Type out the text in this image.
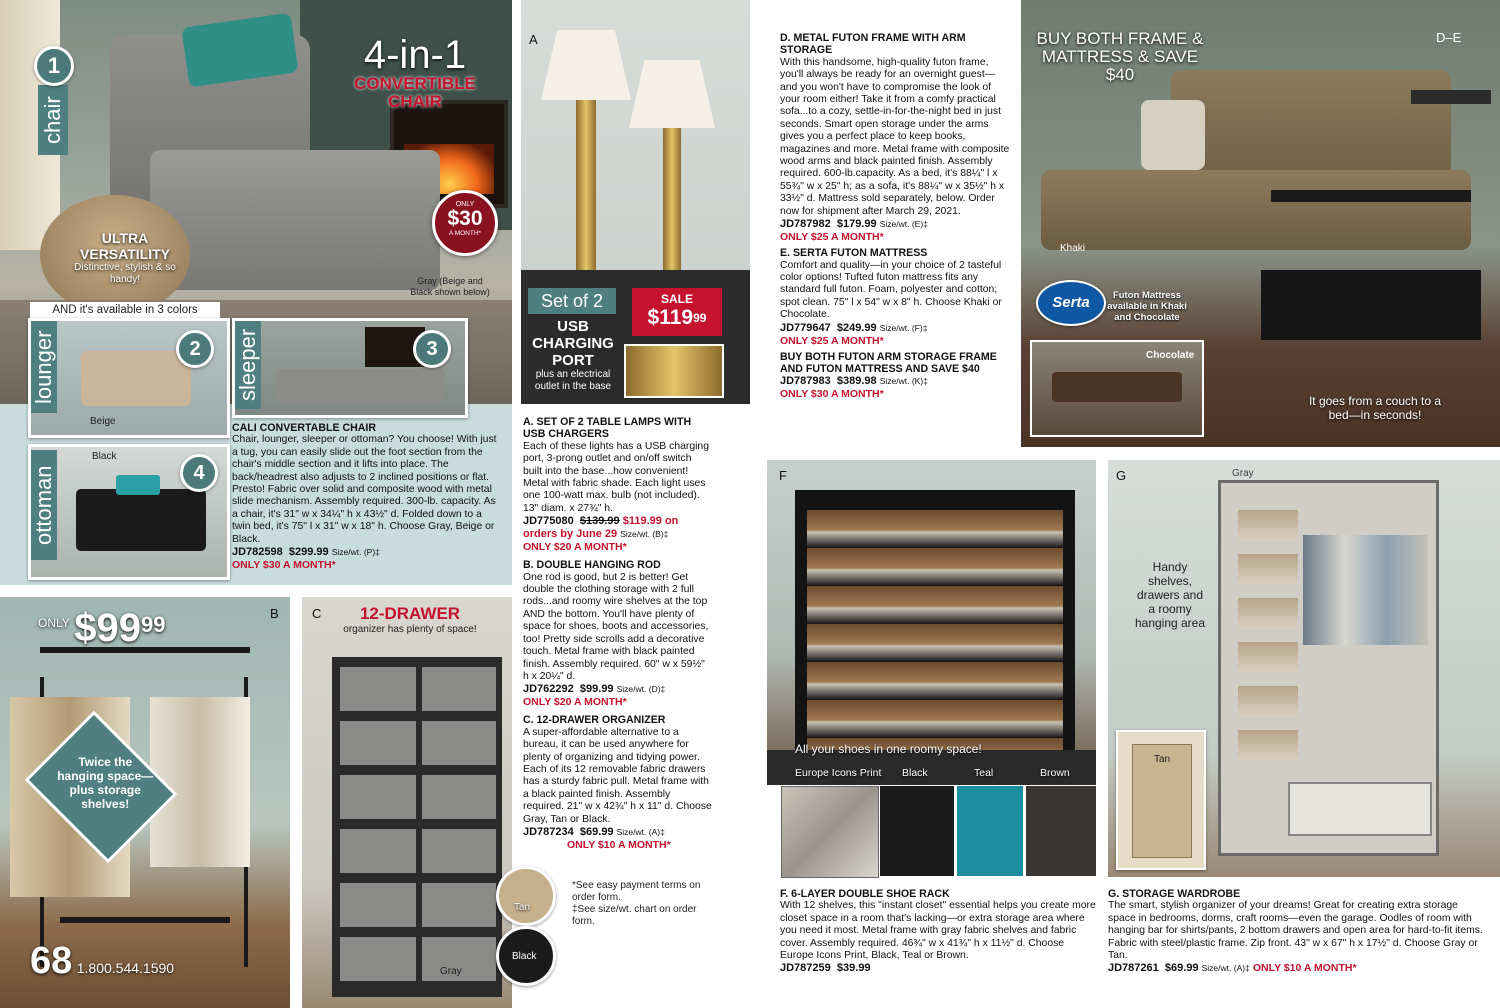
chair
1	4-in-1
CONVERTIBLE CHAIR
ULTRA VERSATILITY
Distinctive, stylish & so handy!
ONLY
$30
A MONTH*
Gray (Beige and Black shown below)
AND it's available in 3 colors
lounger	2
Beige
sleeper	3
ottoman	4
Black
CALI CONVERTABLE CHAIR
Chair, lounger, sleeper or ottoman? You choose! With just a tug, you can easily slide out the foot section from the chair's middle section and it lifts into place. The back/headrest also adjusts to 2 inclined positions or flat. Presto! Fabric over solid and composite wood with metal slide mechanism. Assembly required. 300-lb. capacity. As a chair, it's 31" w x 34¼" h x 43½" d. Folded down to a twin bed, it's 75" l x 31" w x 18" h. Choose Gray, Beige or Black.
JD782598 $299.99 Size/wt. (P)‡
ONLY $30 A MONTH*
$^{ONLY}$ $9999	B
Twice the hanging space—plus storage shelves!
68 1.800.544.1590
C	12-DRAWER
organizer has plenty of space!
Tan
Black
Gray
A
Set of 2	SALE
$\$119^{99}$
USB CHARGING PORT
plus an electrical outlet in the base
A. SET OF 2 TABLE LAMPS WITH USB CHARGERS
Each of these lights has a USB charging port, 3-prong outlet and on/off switch built into the base...how convenient! Metal with fabric shade. Each light uses one 100-watt max. bulb (not included). 13" diam. x 27¾" h.
JD775080 $139.99 $119.99 on orders by June 29 Size/wt. (B)‡
ONLY $20 A MONTH*
B. DOUBLE HANGING ROD
One rod is good, but 2 is better! Get double the clothing storage with 2 full rods...and roomy wire shelves at the top AND the bottom. You'll have plenty of space for shoes, boots and accessories, too! Pretty side scrolls add a decorative touch. Metal frame with black painted finish. Assembly required. 60" w x 59½" h x 20¼" d.
JD762292 $99.99 Size/wt. (D)‡
ONLY $20 A MONTH*
C. 12-DRAWER ORGANIZER
A super-affordable alternative to a bureau, it can be used anywhere for plenty of organizing and tidying power. Each of its 12 removable fabric drawers has a sturdy fabric pull. Metal frame with a black painted finish. Assembly required. 21" w x 42¾" h x 11" d. Choose Gray, Tan or Black.
JD787234 $69.99 Size/wt. (A)‡
ONLY $10 A MONTH*
*See easy payment terms on order form.
‡See size/wt. chart on order form.
D. METAL FUTON FRAME WITH ARM STORAGE
With this handsome, high-quality futon frame, you'll always be ready for an overnight guest—and you won't have to compromise the look of your room either! Take it from a comfy practical sofa...to a cozy, settle-in-for-the-night bed in just seconds. Smart open storage under the arms gives you a perfect place to keep books, magazines and more. Metal frame with composite wood arms and black painted finish. Assembly required. 600-lb.capacity. As a bed, it's 88¼" l x 55¾" w x 25" h; as a sofa, it's 88¼" w x 35½" h x 33½" d. Mattress sold separately, below. Order now for shipment after March 29, 2021.
JD787982 $179.99 Size/wt. (E)‡
ONLY $25 A MONTH*
E. SERTA FUTON MATTRESS
Comfort and quality—in your choice of 2 tasteful color options! Tufted futon mattress fits any standard full futon. Foam, polyester and cotton; spot clean. 75" l x 54" w x 8" h. Choose Khaki or Chocolate.
JD779647 $249.99 Size/wt. (F)‡
ONLY $25 A MONTH*
BUY BOTH FUTON ARM STORAGE FRAME AND FUTON MATTRESS AND SAVE $40
JD787983 $389.98 Size/wt. (K)‡
ONLY $30 A MONTH*
BUY BOTH FRAME & MATTRESS & SAVE $40
D–E
Khaki
Serta	Futon Mattress available in Khaki and Chocolate
Chocolate
It goes from a couch to a bed—in seconds!
F
All your shoes in one roomy space!
Europe Icons Print Black	Teal	Brown
F. 6-LAYER DOUBLE SHOE RACK
With 12 shelves, this "instant closet" essential helps you create more closet space in a room that's lacking—or extra storage area where you need it most. Metal frame with gray fabric shelves and fabric cover. Assembly required. 46¾" w x 41¾" h x 11½" d. Choose Europe Icons Print, Black, Teal or Brown.
JD787259 $39.99
G	Gray
Handy shelves, drawers and a roomy hanging area
Tan
G. STORAGE WARDROBE
The smart, stylish organizer of your dreams! Great for creating extra storage space in bedrooms, dorms, craft rooms—even the garage. Oodles of room with hanging bar for shirts/pants, 2 bottom drawers and open area for hard-to-fit items. Fabric with steel/plastic frame. Zip front. 43" w x 67" h x 17½" d. Choose Gray or Tan.
JD787261 $69.99 Size/wt. (A)‡ ONLY $10 A MONTH*
